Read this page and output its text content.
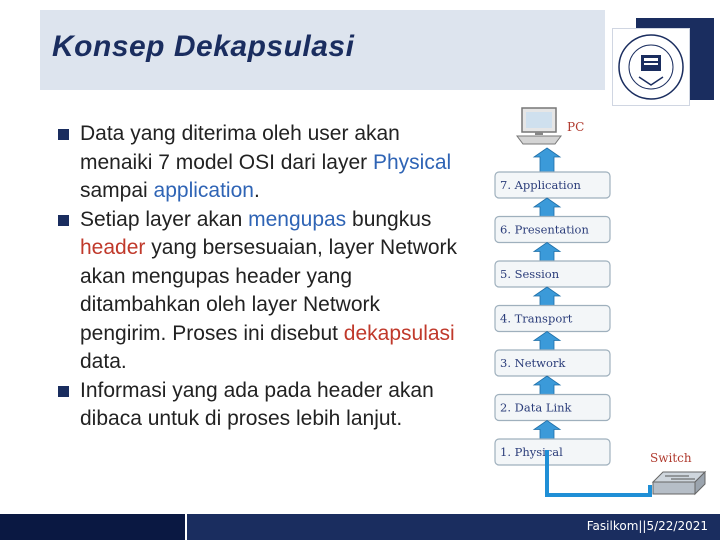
Konsep Dekapsulasi
Data yang diterima oleh user akan menaiki 7 model OSI dari layer Physical sampai application.
Setiap layer akan mengupas bungkus header yang bersesuaian, layer Network akan mengupas header yang ditambahkan oleh layer Network pengirim. Proses ini disebut dekapsulasi data.
Informasi yang ada pada header akan dibaca untuk di proses lebih lanjut.
PC
7. Application
6. Presentation
5. Session
4. Transport
3. Network
2. Data Link
1. Physical	Switch
Fasilkom||5/22/2021
